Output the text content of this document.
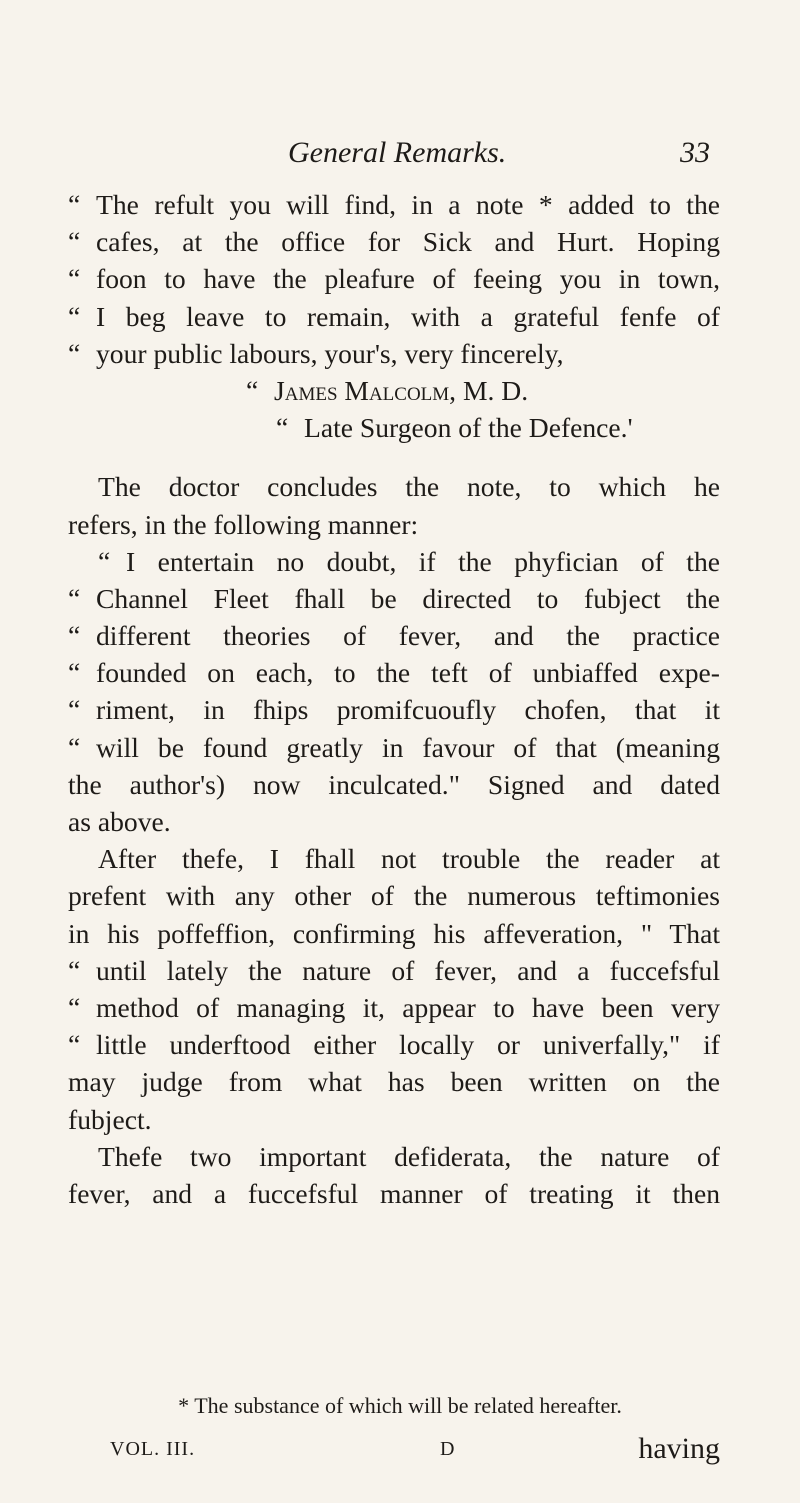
General Remarks.	33
“ The refult you will find, in a note * added to the
“ cafes, at the office for Sick and Hurt. Hoping
“ foon to have the pleafure of feeing you in town,
“ I beg leave to remain, with a grateful fenfe of
“ your public labours, your's, very fincerely,
“ James Malcolm, M. D.
“ Late Surgeon of the Defence.'
The doctor concludes the note, to which he
refers, in the following manner:
“ I entertain no doubt, if the phyfician of the
“ Channel Fleet fhall be directed to fubject the
“ different theories of fever, and the practice
“ founded on each, to the teft of unbiaffed expe-
“ riment, in fhips promifcuoufly chofen, that it
“ will be found greatly in favour of that (meaning
the author's) now inculcated." Signed and dated
as above.
After thefe, I fhall not trouble the reader at
prefent with any other of the numerous teftimonies
in his poffeffion, confirming his affeveration, " That
“ until lately the nature of fever, and a fuccefsful
“ method of managing it, appear to have been very
“ little underftood either locally or univerfally," if
may judge from what has been written on the
fubject.
Thefe two important defiderata, the nature of
fever, and a fuccefsful manner of treating it then
* The substance of which will be related hereafter.
VOL. III.	D	having
